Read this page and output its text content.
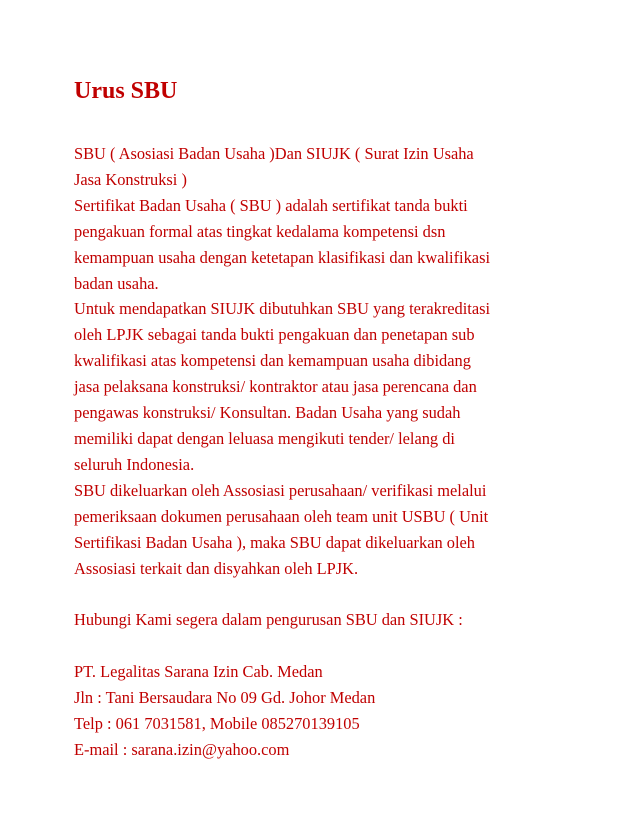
Urus SBU
SBU ( Asosiasi Badan Usaha )Dan SIUJK ( Surat Izin Usaha
Jasa Konstruksi )
Sertifikat Badan Usaha ( SBU ) adalah sertifikat tanda bukti
pengakuan formal atas tingkat kedalama kompetensi dsn
kemampuan usaha dengan ketetapan klasifikasi dan kwalifikasi
badan usaha.
Untuk mendapatkan SIUJK dibutuhkan SBU yang terakreditasi
oleh LPJK sebagai tanda bukti pengakuan dan penetapan sub
kwalifikasi atas kompetensi dan kemampuan usaha dibidang
jasa pelaksana konstruksi/ kontraktor atau jasa perencana dan
pengawas konstruksi/ Konsultan. Badan Usaha yang sudah
memiliki dapat dengan leluasa mengikuti tender/ lelang di
seluruh Indonesia.
SBU dikeluarkan oleh Assosiasi perusahaan/ verifikasi melalui
pemeriksaan dokumen perusahaan oleh team unit USBU ( Unit
Sertifikasi Badan Usaha ), maka SBU dapat dikeluarkan oleh
Assosiasi terkait dan disyahkan oleh LPJK.
Hubungi Kami segera dalam pengurusan SBU dan SIUJK :
PT. Legalitas Sarana Izin Cab. Medan
Jln : Tani Bersaudara No 09 Gd. Johor Medan
Telp : 061 7031581, Mobile 085270139105
E-mail : sarana.izin@yahoo.com
